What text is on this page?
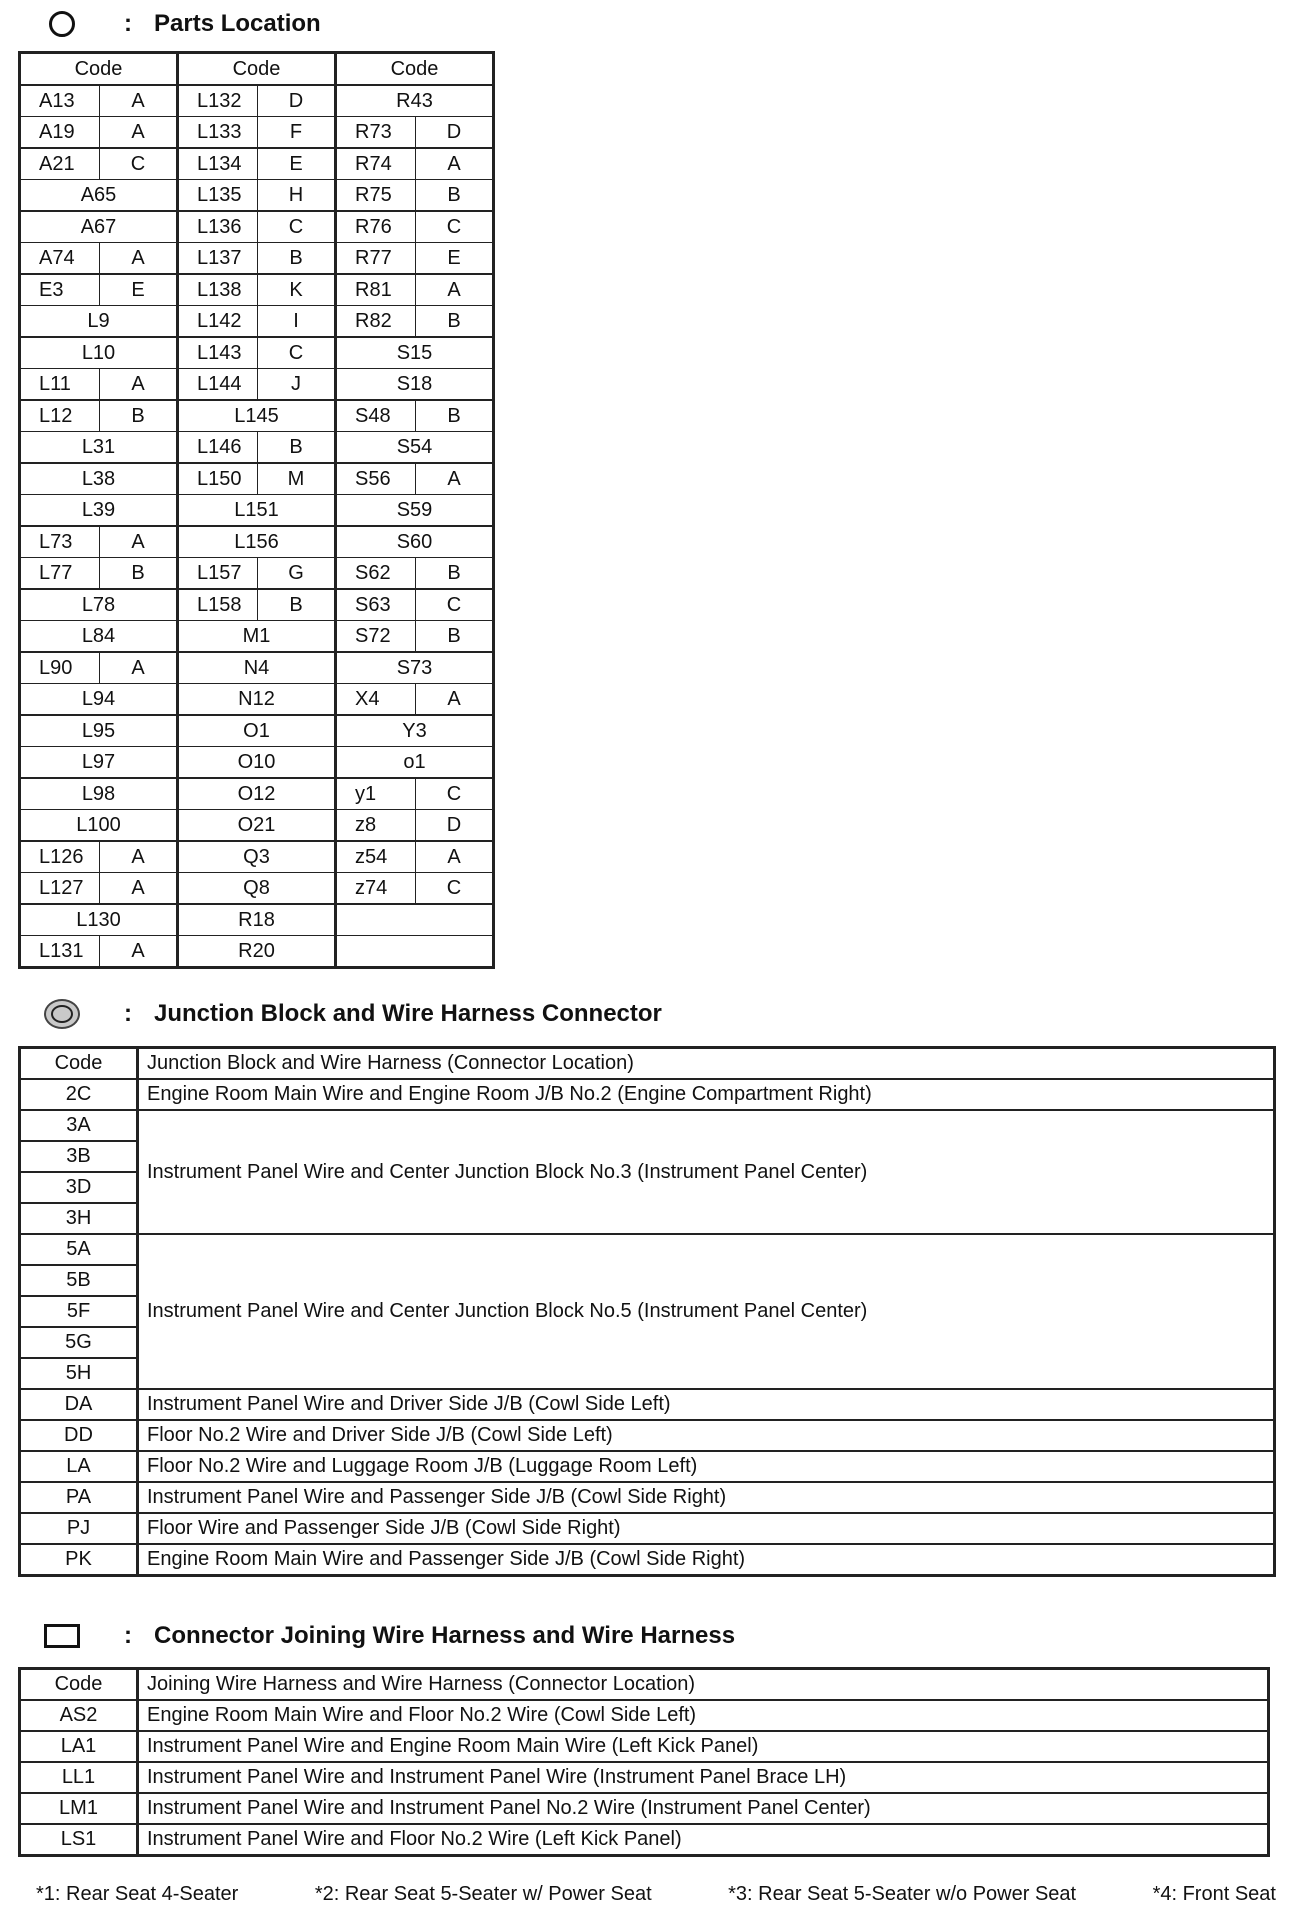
: Parts Location
Code		Code		Code	
A13	A	L132	D	R43	
A19	A	L133	F	R73	D
A21	C	L134	E	R74	A
A65		L135	H	R75	B
A67		L136	C	R76	C
A74	A	L137	B	R77	E
E3	E	L138	K	R81	A
L9		L142	I	R82	B
L10		L143	C	S15	
L11	A	L144	J	S18	
L12	B	L145		S48	B
L31		L146	B	S54	
L38		L150	M	S56	A
L39		L151		S59	
L73	A	L156		S60	
L77	B	L157	G	S62	B
L78		L158	B	S63	C
L84		M1		S72	B
L90	A	N4		S73	
L94		N12		X4	A
L95		O1		Y3	
L97		O10		o1	
L98		O12		y1	C
L100		O21		z8	D
L126	A	Q3		z54	A
L127	A	Q8		z74	C
L130		R18			
L131	A	R20			
: Junction Block and Wire Harness Connector
Code	Junction Block and Wire Harness (Connector Location)
2C	Engine Room Main Wire and Engine Room J/B No.2 (Engine Compartment Right)
3A	Instrument Panel Wire and Center Junction Block No.3 (Instrument Panel Center)
3B	
3D	
3H	
5A	Instrument Panel Wire and Center Junction Block No.5 (Instrument Panel Center)
5B	
5F	
5G	
5H	
DA	Instrument Panel Wire and Driver Side J/B (Cowl Side Left)
DD	Floor No.2 Wire and Driver Side J/B (Cowl Side Left)
LA	Floor No.2 Wire and Luggage Room J/B (Luggage Room Left)
PA	Instrument Panel Wire and Passenger Side J/B (Cowl Side Right)
PJ	Floor Wire and Passenger Side J/B (Cowl Side Right)
PK	Engine Room Main Wire and Passenger Side J/B (Cowl Side Right)
: Connector Joining Wire Harness and Wire Harness
Code	Joining Wire Harness and Wire Harness (Connector Location)
AS2	Engine Room Main Wire and Floor No.2 Wire (Cowl Side Left)
LA1	Instrument Panel Wire and Engine Room Main Wire (Left Kick Panel)
LL1	Instrument Panel Wire and Instrument Panel Wire (Instrument Panel Brace LH)
LM1	Instrument Panel Wire and Instrument Panel No.2 Wire (Instrument Panel Center)
LS1	Instrument Panel Wire and Floor No.2 Wire (Left Kick Panel)
*1: Rear Seat 4-Seater	*2: Rear Seat 5-Seater w/ Power Seat	*3: Rear Seat 5-Seater w/o Power Seat	*4: Front Seat
